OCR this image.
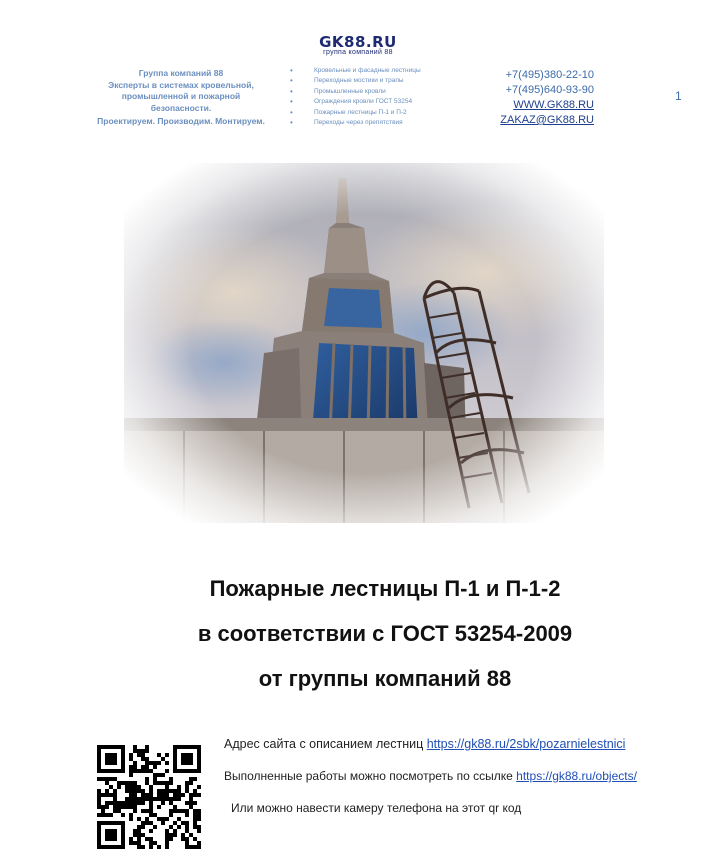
GK88.RU
группа компаний 88
Группа компаний 88
Эксперты в системах кровельной,
промышленной и пожарной
безопасности.
Проектируем. Производим. Монтируем.
• Кровельные и фасадные лестницы
• Переходные мостики и трапы
• Промышленные кровли
• Ограждения кровли ГОСТ 53254
• Пожарные лестницы П-1 и П-2
• Переходы через препятствия
+7(495)380-22-10
+7(495)640-93-90
WWW.GK88.RU
ZAKAZ@GK88.RU
1
Пожарные лестницы П-1 и П-1-2
в соответствии с ГОСТ 53254-2009
от группы компаний 88
Адрес сайта с описанием лестниц https://gk88.ru/2sbk/pozarnielestnici
Выполненные работы можно посмотреть по ссылке https://gk88.ru/objects/
Или можно навести камеру телефона на этот qr код
